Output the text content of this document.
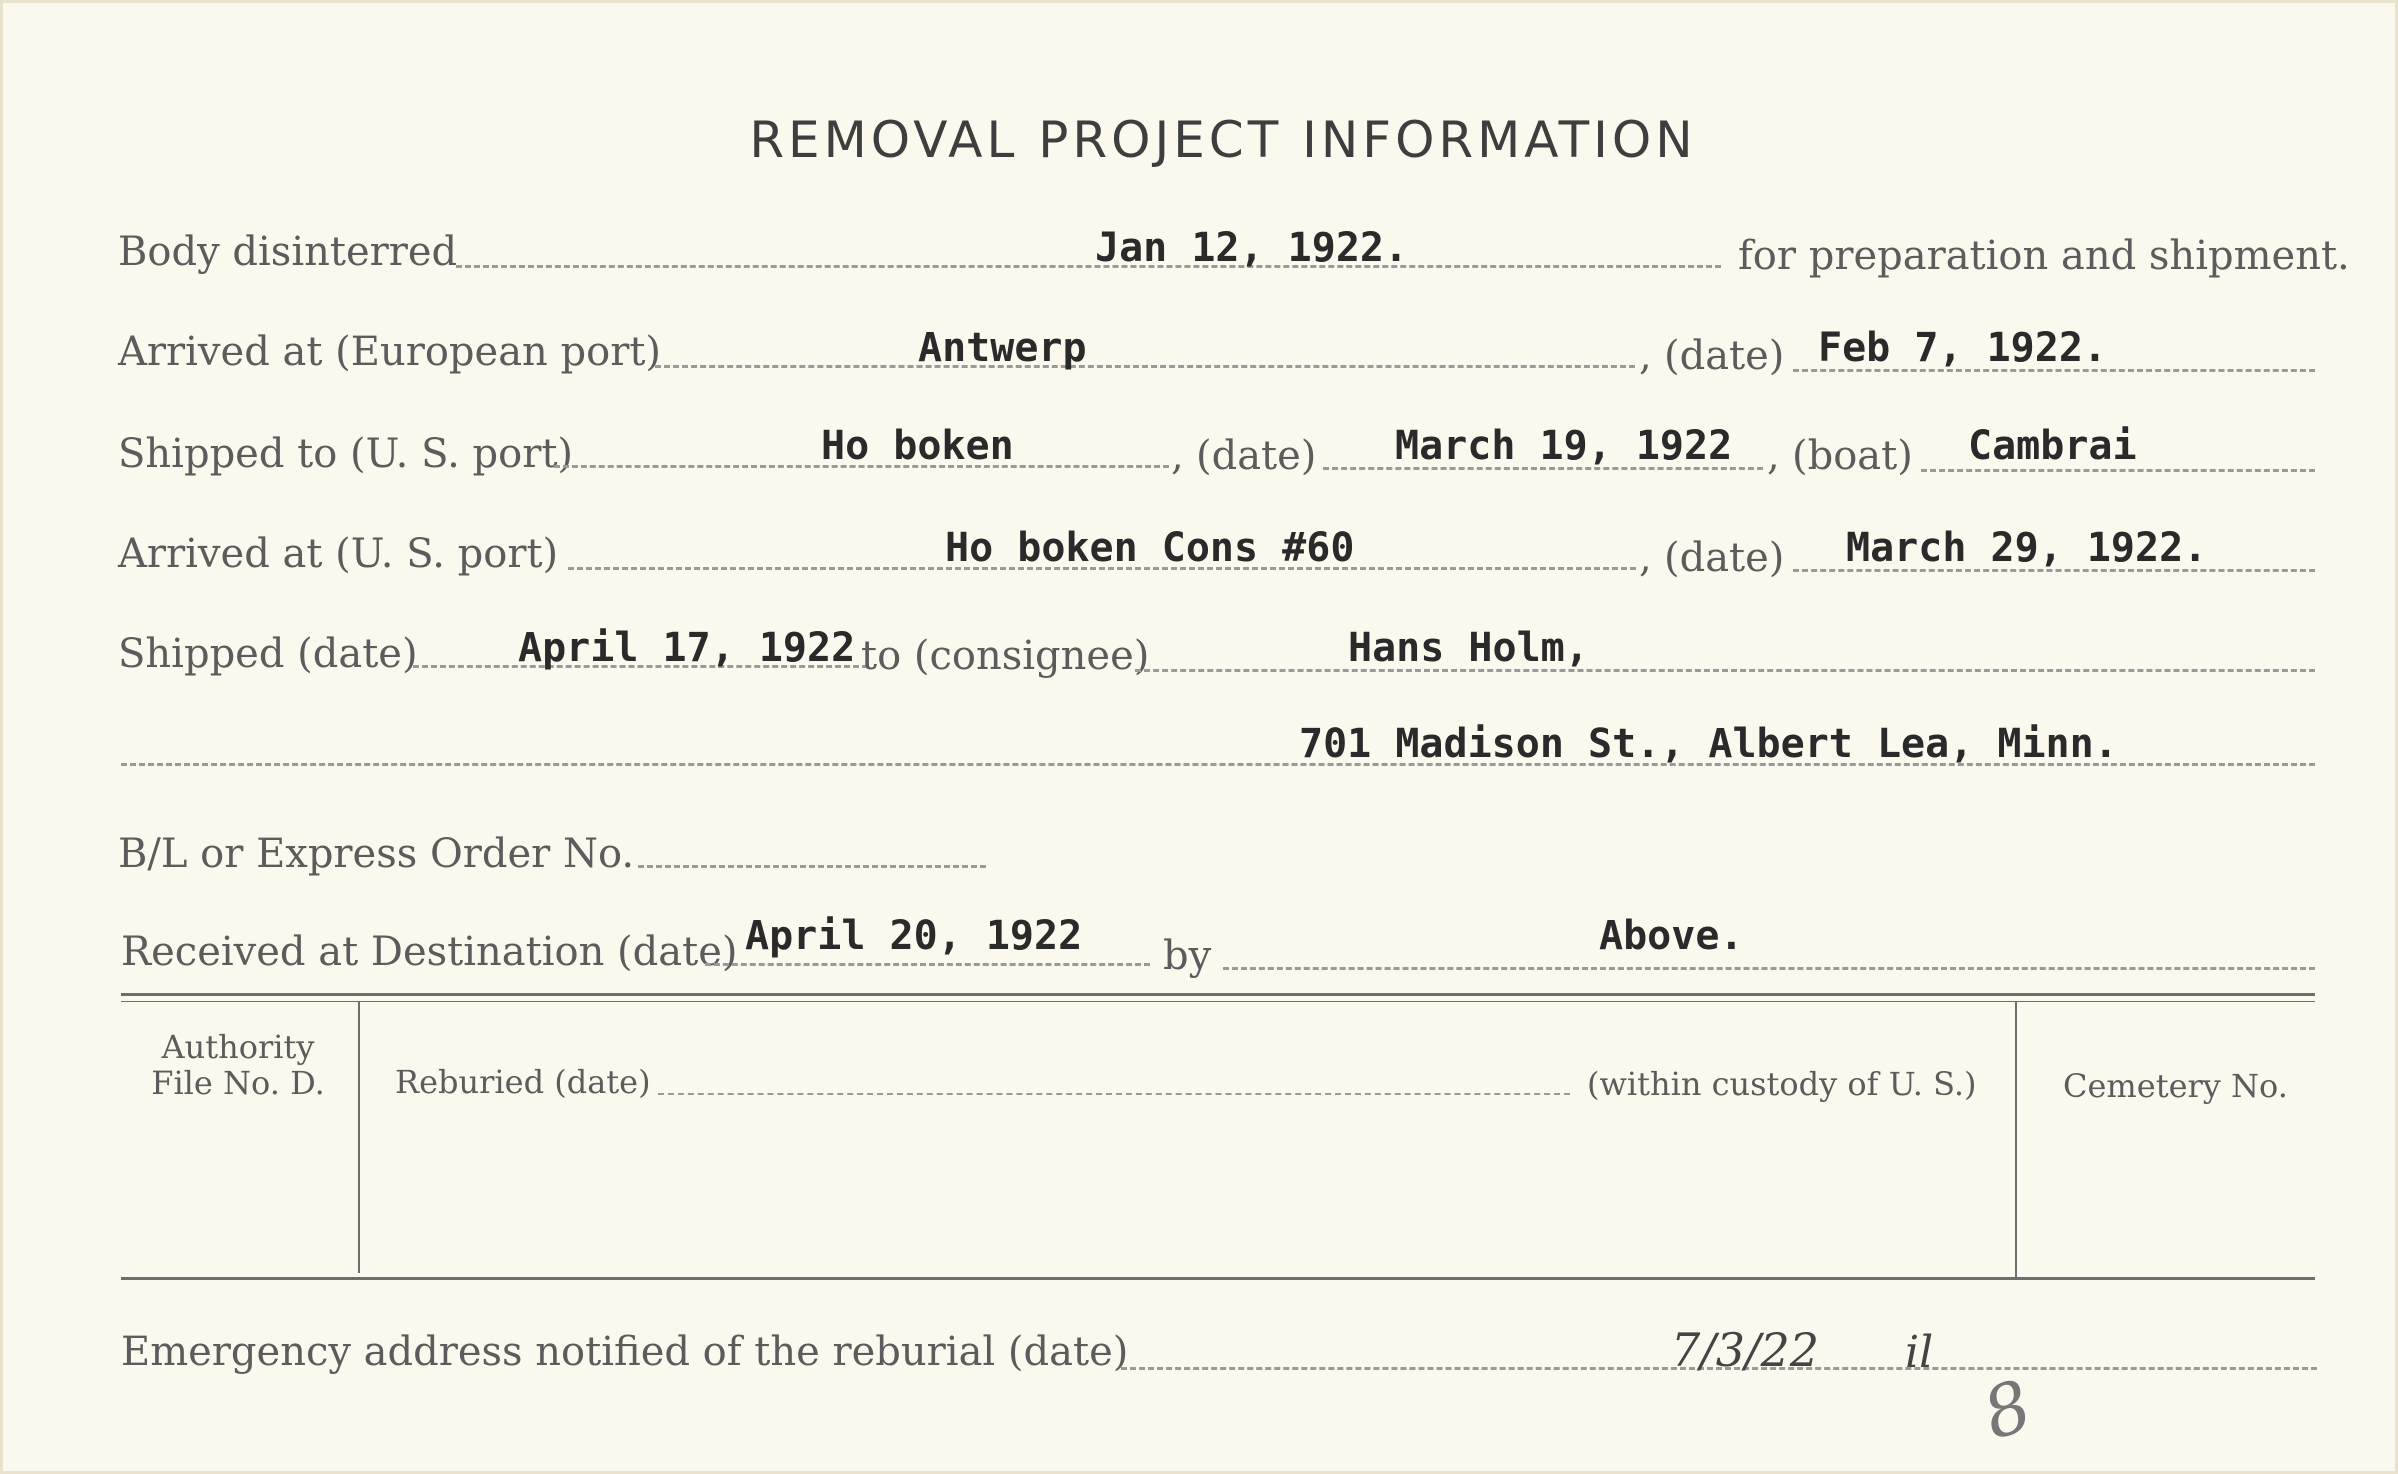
REMOVAL PROJECT INFORMATION
Body disinterred	Jan 12, 1922.	for preparation and shipment.
Arrived at (European port)	Antwerp	, (date) Feb 7, 1922.
Shipped to (U. S. port)	Ho boken	, (date) March 19, 1922 , (boat) Cambrai
Arrived at (U. S. port)	Ho boken Cons #60	, (date) March 29, 1922.
Shipped (date)	April 17, 1922 to (consignee)	Hans Holm,
701 Madison St., Albert Lea, Minn.
B/L or Express Order No.
Received at Destination (date) April 20, 1922 by	Above.
Authority
File No. D.	Reburied (date)	(within custody of U. S.)	Cemetery No.
Emergency address notified of the reburial (date)	7/3/22 il
8
